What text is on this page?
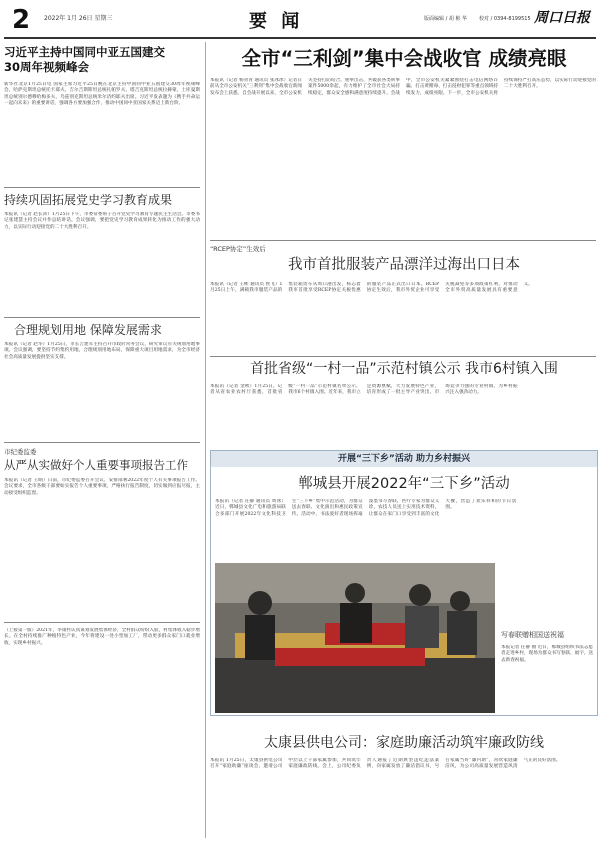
2 2022年 1月 26日 星期三	要 闻	版面编辑 / 胡 彬 华 校对 / 0394-8199515 周口日报
习近平主持中国同中亚五国建交30周年视频峰会
新华社北京1月25日电 国家主席习近平25日晚在北京主持中国同中亚五国建交30周年视频峰会。哈萨克斯坦总统托卡耶夫、吉尔吉斯斯坦总统扎帕罗夫、塔吉克斯坦总统拉赫蒙、土库曼斯坦总统别尔德穆哈梅多夫、乌兹别克斯坦总统米尔济约耶夫出席。习近平发表题为《携手共命运 一起向未来》的重要讲话，强调各方要加强合作，推动中国同中亚国家关系迈上新台阶。
持续巩固拓展党史学习教育成果
本报讯（记者 赵长沛）1月25日下午，市委常委班子召开党史学习教育专题民主生活会。市委书记张建慧主持会议并作总结讲话。会议强调，要把党史学习教育成果转化为推动工作的强大动力，以实际行动迎接党的二十大胜利召开。
合理规划用地 保障发展需求
本报讯（记者 赵华）1月25日，市长吉建军主持召开市政府常务会议，研究审议有关规划用地事项。会议强调，要坚持节约集约用地，合理规划用地布局，保障重大项目用地需求，为全市经济社会高质量发展提供坚实支撑。
市纪委监委
从严从实做好个人重要事项报告工作
本报讯（记者 王晴）日前，市纪委监委召开会议，安排部署2022年度个人有关事项报告工作。会议要求，全市各级干部要如实报告个人重要事项，严格执行报告制度，切实做到应报尽报，主动接受组织监督。
（上接第一版）2021年，李康村认真谋划发展集体经济，全村群众纷纷入股，村集体收入稳步增长。在全村持续推广种植特色产业，今年将建设一处小型加工厂，带动更多群众家门口就业增收，实现乡村振兴。
全市“三利剑”集中会战收官 成绩亮眼
本报讯（记者 杨青青 通讯员 张冰冰）记者日前从全市公安机关“三利剑”集中会战收官新闻发布会上获悉，自会战开展以来，全市公安机关坚持打防结合，重拳出击，共破获各类刑事案件5000余起，有力维护了全市社会大局持续稳定，群众安全感和满意度持续提升。会战中，全市公安机关紧紧围绕打击电信网络诈骗、打击黄赌毒、打击侵财犯罪等重点领域持续发力，成绩亮眼。下一步，全市公安机关将持续保持严打高压态势，以实际行动迎接党的二十大胜利召开。
“RCEP协定”生效后
我市首批服装产品漂洋过海出口日本
本报讯（记者 王彬 通讯员 侯飞）1月25日上午，满载我市服装产品的集装箱货车从周口港出发，标志着我市首批享受RCEP协定关税优惠的服装产品正式出口日本。RCEP协定生效后，我市外贸企业可享受关税减免等多项政策红利，对推动全市外贸高质量发展具有重要意义。
首批省级“一村一品”示范村镇公示 我市6村镇入围
本报讯（记者 金秋）1月25日，记者从省农业农村厅获悉，首批省级“一村一品”示范村镇名单公示，我市6个村镇入围。近年来，我市立足资源禀赋，大力发展特色产业，培育形成了一批主导产业突出、市场竞争力强的专业村镇，为乡村振兴注入强劲动力。
开展“三下乡”活动 助力乡村振兴
郸城县开展2022年“三下乡”活动
本报讯（记者 任静 通讯员 周冰）近日，郸城县文化广电和旅游局联合多部门开展2022年文化科技卫生“三下乡”集中示范活动，为群众送去春联、文化演出和惠民政策宣传。活动中，书法爱好者现场挥毫泼墨书写春联，医疗专家为群众义诊，农技人员送上实用技术资料，让群众在家门口享受到丰富的文化大餐，营造了欢乐祥和的节日氛围。
写春联赠相国送祝福
本报记者 任静 摄 近日，郸城县组织书法志愿者走进乡村，现场为群众书写春联、福字，送去新春祝福。
太康县供电公司：家庭助廉活动筑牢廉政防线
本报讯 1月25日，太康县供电公司召开“家庭助廉”座谈会，邀请公司中层以上干部家属参加，共同筑牢家庭廉政防线。会上，公司纪委负责人通报了近期典型违纪违法案例，向家属发放了廉洁倡议书，号召家属当好“廉内助”，常吹家庭廉洁风，为公司高质量发展营造风清气正的良好氛围。
